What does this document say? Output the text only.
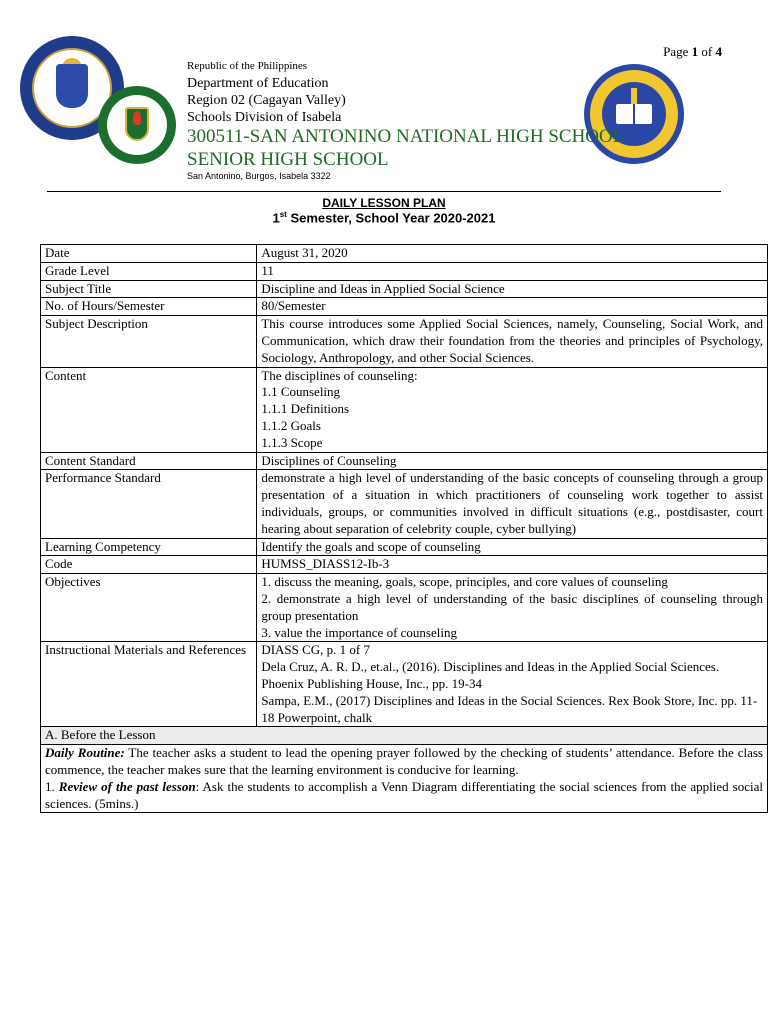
Page 1 of 4
Republic of the Philippines
Department of Education
Region 02 (Cagayan Valley)
Schools Division of Isabela
300511-SAN ANTONINO NATIONAL HIGH SCHOOL
SENIOR HIGH SCHOOL
San Antonino, Burgos, Isabela 3322
DAILY LESSON PLAN
1st Semester, School Year 2020-2021
Date	August 31, 2020
Grade Level	11
Subject Title	Discipline and Ideas in Applied Social Science
No. of Hours/Semester	80/Semester
Subject Description	This course introduces some Applied Social Sciences, namely, Counseling, Social Work, and Communication, which draw their foundation from the theories and principles of Psychology, Sociology, Anthropology, and other Social Sciences.
Content	The disciplines of counseling:
1.1 Counseling
1.1.1 Definitions
1.1.2 Goals
1.1.3 Scope

Content Standard	Disciplines of Counseling
Performance Standard	demonstrate a high level of understanding of the basic concepts of counseling through a group presentation of a situation in which practitioners of counseling work together to assist individuals, groups, or communities involved in difficult situations (e.g., postdisaster, court hearing about separation of celebrity couple, cyber bullying)
Learning Competency	Identify the goals and scope of counseling
Code	HUMSS_DIASS12-Ib-3
Objectives	1. discuss the meaning, goals, scope, principles, and core values of counseling
2. demonstrate a high level of understanding of the basic disciplines of counseling through group presentation
3. value the importance of counseling

Instructional Materials and References	DIASS CG, p. 1 of 7
Dela Cruz, A. R. D., et.al., (2016). Disciplines and Ideas in the Applied Social Sciences. Phoenix Publishing House, Inc., pp. 19-34
Sampa, E.M., (2017) Disciplines and Ideas in the Social Sciences. Rex Book Store, Inc. pp. 11-18 Powerpoint, chalk

A. Before the Lesson	

Daily Routine: The teacher asks a student to lead the opening prayer followed by the checking of students’ attendance. Before the class commence, the teacher makes sure that the learning environment is conducive for learning.
1. Review of the past lesson: Ask the students to accomplish a Venn Diagram differentiating the social sciences from the applied social sciences. (5mins.)	
